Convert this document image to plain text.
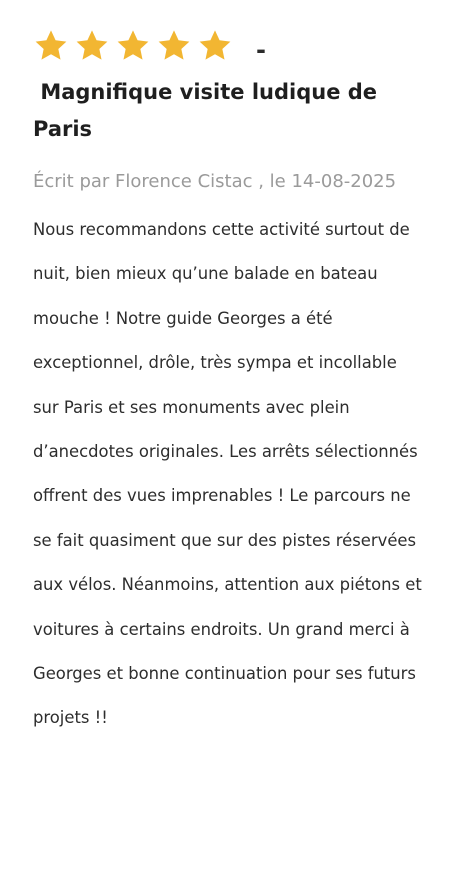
-
Magnifique visite ludique de Paris
Écrit par Florence Cistac , le 14-08-2025
Nous recommandons cette activité surtout de nuit, bien mieux qu’une balade en bateau mouche ! Notre guide Georges a été exceptionnel, drôle, très sympa et incollable sur Paris et ses monuments avec plein d’anecdotes originales. Les arrêts sélectionnés offrent des vues imprenables ! Le parcours ne se fait quasiment que sur des pistes réservées aux vélos. Néanmoins, attention aux piétons et voitures à certains endroits. Un grand merci à Georges et bonne continuation pour ses futurs projets !!
